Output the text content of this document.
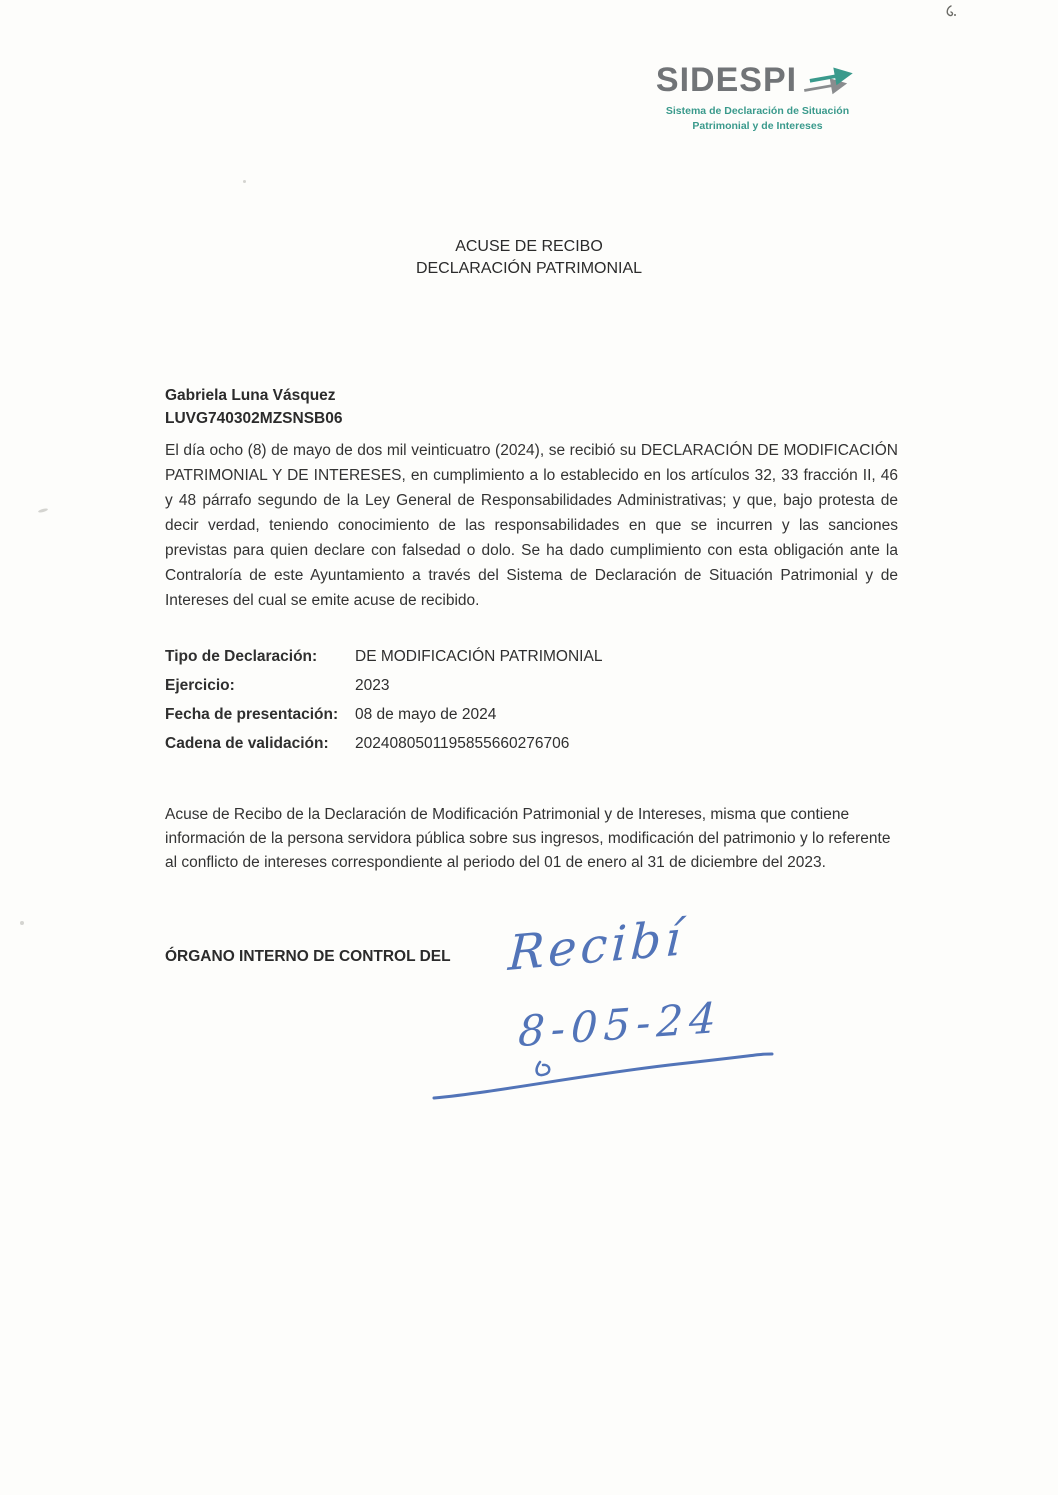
SIDESPI
Sistema de Declaración de Situación
Patrimonial y de Intereses
ACUSE DE RECIBO
DECLARACIÓN PATRIMONIAL
Gabriela Luna Vásquez
LUVG740302MZSNSB06

El día ocho (8) de mayo de dos mil veinticuatro (2024), se recibió su DECLARACIÓN DE MODIFICACIÓN PATRIMONIAL Y DE INTERESES, en cumplimiento a lo establecido en los artículos 32, 33 fracción II, 46 y 48 párrafo segundo de la Ley General de Responsabilidades Administrativas; y que, bajo protesta de decir verdad, teniendo conocimiento de las responsabilidades en que se incurren y las sanciones previstas para quien declare con falsedad o dolo. Se ha dado cumplimiento con esta obligación ante la Contraloría de este Ayuntamiento a través del Sistema de Declaración de Situación Patrimonial y de Intereses del cual se emite acuse de recibido.

Tipo de Declaración:	DE MODIFICACIÓN PATRIMONIAL
Ejercicio:	2023
Fecha de presentación:	08 de mayo de 2024
Cadena de validación:	2024080501195855660276706

Acuse de Recibo de la Declaración de Modificación Patrimonial y de Intereses, misma que contiene información de la persona servidora pública sobre sus ingresos, modificación del patrimonio y lo referente al conflicto de intereses correspondiente al periodo del 01 de enero al 31 de diciembre del 2023.

ÓRGANO INTERNO DE CONTROL DEL Recibí
8-05-24
